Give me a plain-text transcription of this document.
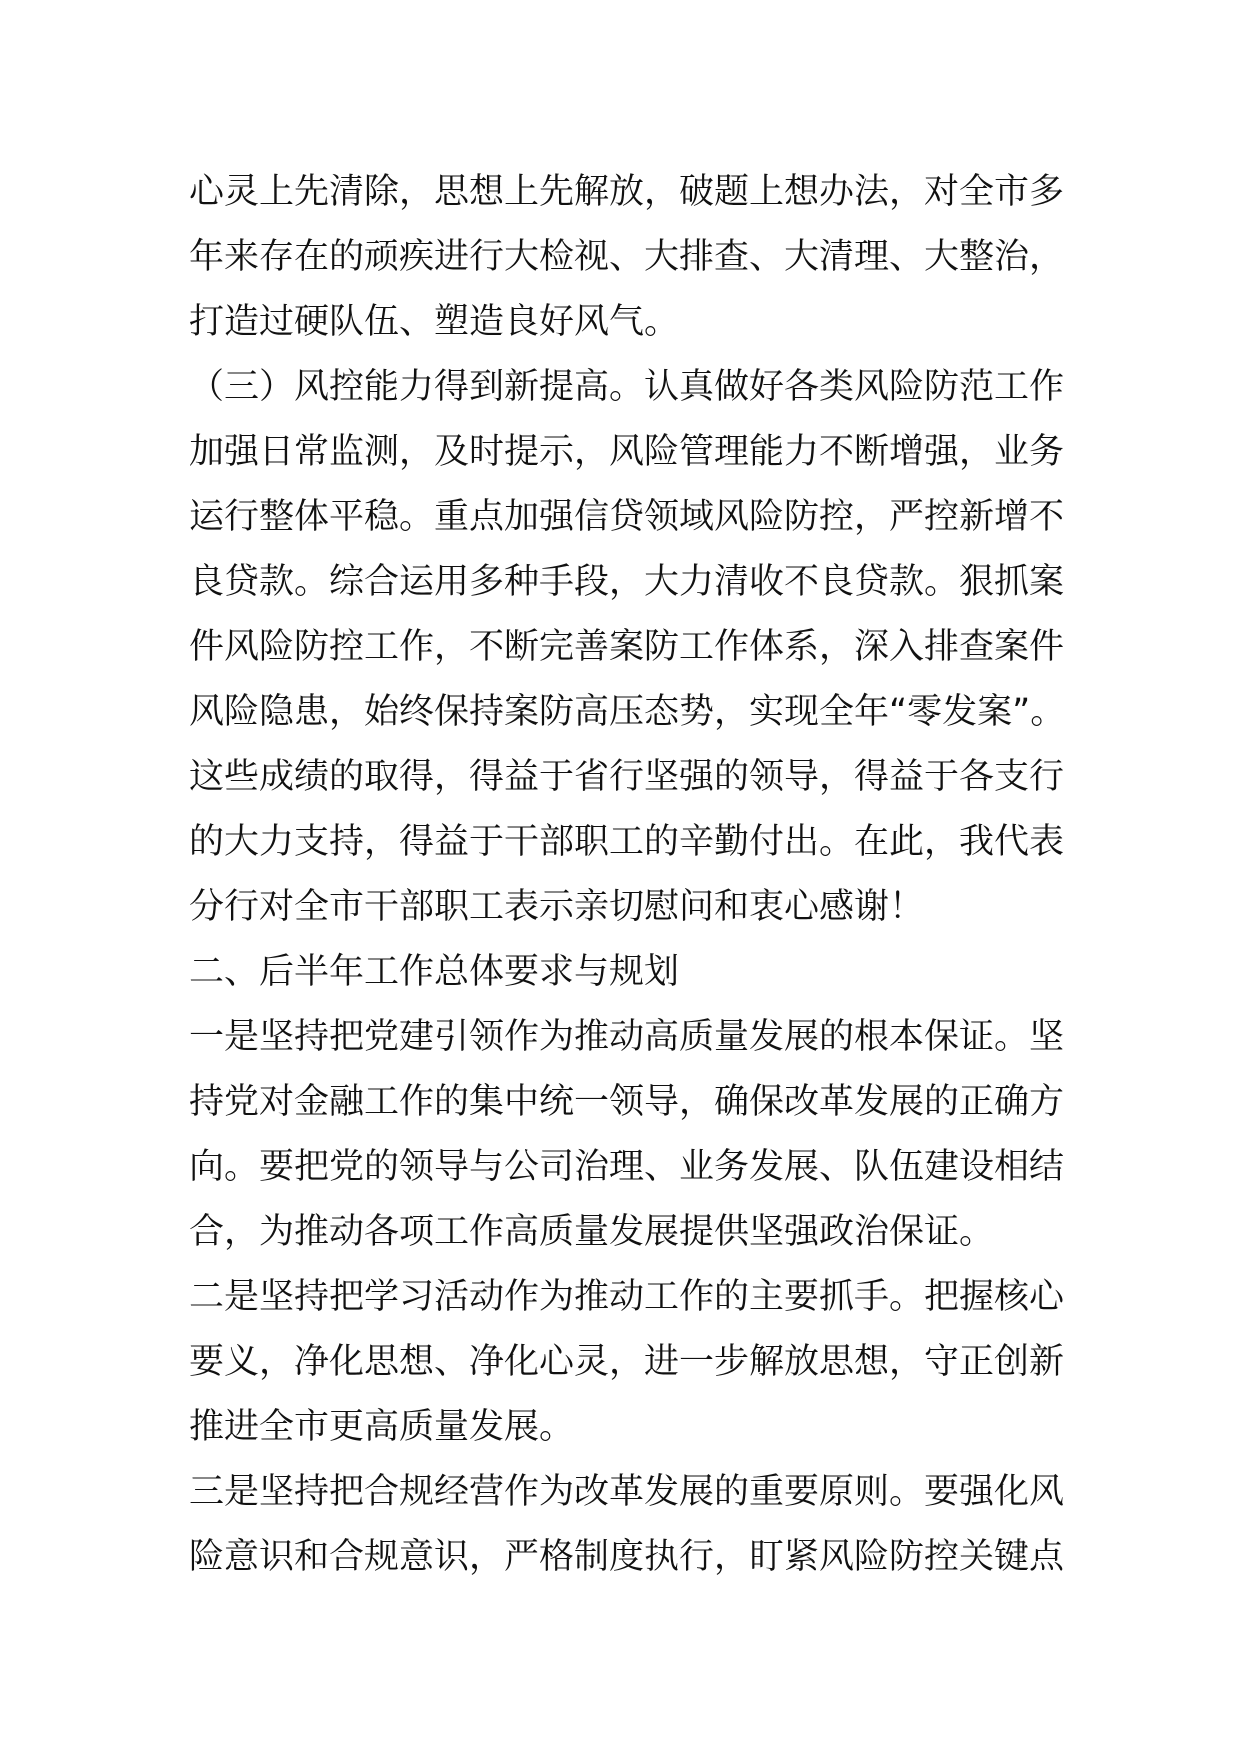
心灵上先清除，思想上先解放，破题上想办法，对全市多
年来存在的顽疾进行大检视、大排查、大清理、大整治，
打造过硬队伍、塑造良好风气。
（三）风控能力得到新提高。认真做好各类风险防范工作
加强日常监测，及时提示，风险管理能力不断增强，业务
运行整体平稳。重点加强信贷领域风险防控，严控新增不
良贷款。综合运用多种手段，大力清收不良贷款。狠抓案
件风险防控工作，不断完善案防工作体系，深入排查案件
风险隐患，始终保持案防高压态势，实现全年“零发案”。
这些成绩的取得，得益于省行坚强的领导，得益于各支行
的大力支持，得益于干部职工的辛勤付出。在此，我代表
分行对全市干部职工表示亲切慰问和衷心感谢！
二、后半年工作总体要求与规划
一是坚持把党建引领作为推动高质量发展的根本保证。坚
持党对金融工作的集中统一领导，确保改革发展的正确方
向。要把党的领导与公司治理、业务发展、队伍建设相结
合，为推动各项工作高质量发展提供坚强政治保证。
二是坚持把学习活动作为推动工作的主要抓手。把握核心
要义，净化思想、净化心灵，进一步解放思想，守正创新
推进全市更高质量发展。
三是坚持把合规经营作为改革发展的重要原则。要强化风
险意识和合规意识，严格制度执行，盯紧风险防控关键点
